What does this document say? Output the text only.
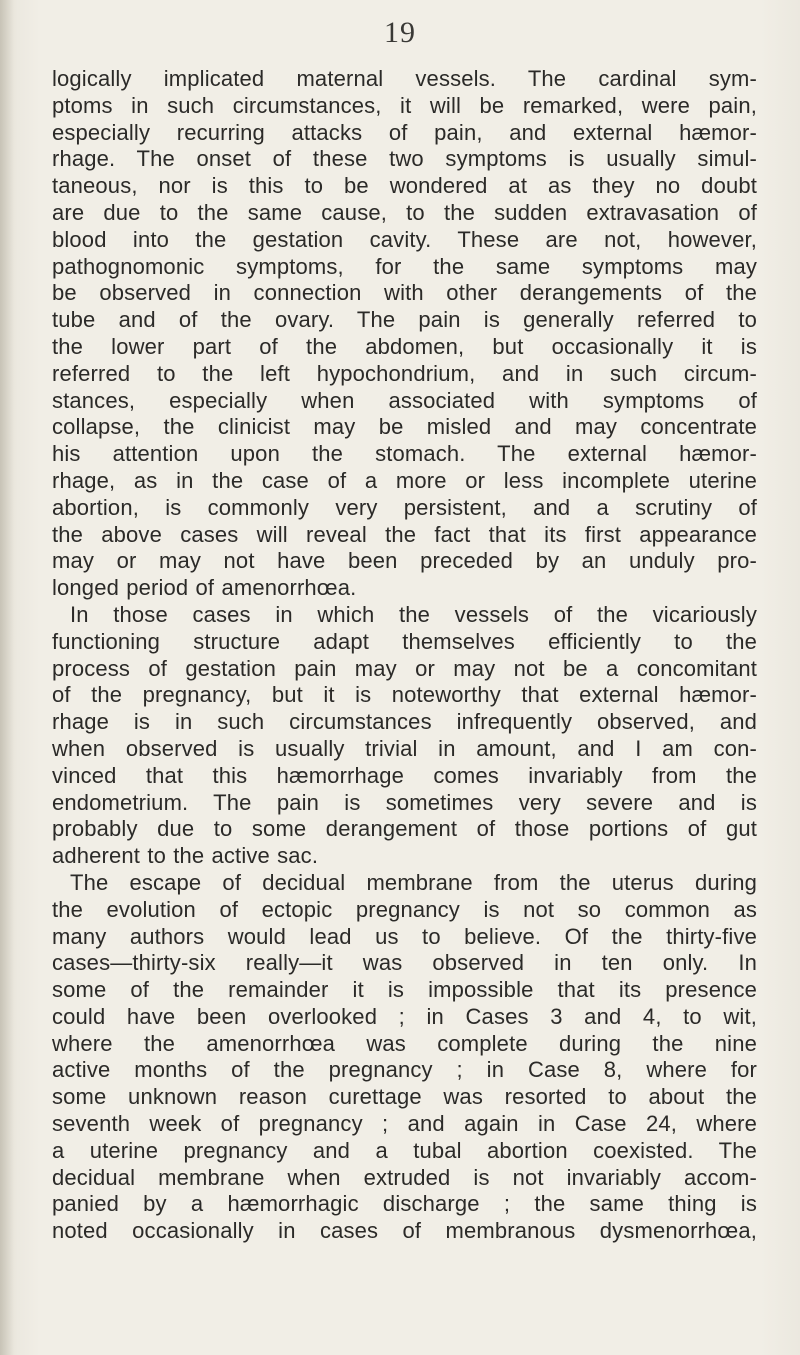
19
logically implicated maternal vessels. The cardinal sym-
ptoms in such circumstances, it will be remarked, were pain,
especially recurring attacks of pain, and external hæmor-
rhage. The onset of these two symptoms is usually simul-
taneous, nor is this to be wondered at as they no doubt
are due to the same cause, to the sudden extravasation of
blood into the gestation cavity. These are not, however,
pathognomonic symptoms, for the same symptoms may
be observed in connection with other derangements of the
tube and of the ovary. The pain is generally referred to
the lower part of the abdomen, but occasionally it is
referred to the left hypochondrium, and in such circum-
stances, especially when associated with symptoms of
collapse, the clinicist may be misled and may concentrate
his attention upon the stomach. The external hæmor-
rhage, as in the case of a more or less incomplete uterine
abortion, is commonly very persistent, and a scrutiny of
the above cases will reveal the fact that its first appearance
may or may not have been preceded by an unduly pro-
longed period of amenorrhœa.
In those cases in which the vessels of the vicariously
functioning structure adapt themselves efficiently to the
process of gestation pain may or may not be a concomitant
of the pregnancy, but it is noteworthy that external hæmor-
rhage is in such circumstances infrequently observed, and
when observed is usually trivial in amount, and I am con-
vinced that this hæmorrhage comes invariably from the
endometrium. The pain is sometimes very severe and is
probably due to some derangement of those portions of gut
adherent to the active sac.
The escape of decidual membrane from the uterus during
the evolution of ectopic pregnancy is not so common as
many authors would lead us to believe. Of the thirty-five
cases—thirty-six really—it was observed in ten only. In
some of the remainder it is impossible that its presence
could have been overlooked ; in Cases 3 and 4, to wit,
where the amenorrhœa was complete during the nine
active months of the pregnancy ; in Case 8, where for
some unknown reason curettage was resorted to about the
seventh week of pregnancy ; and again in Case 24, where
a uterine pregnancy and a tubal abortion coexisted. The
decidual membrane when extruded is not invariably accom-
panied by a hæmorrhagic discharge ; the same thing is
noted occasionally in cases of membranous dysmenorrhœa,
